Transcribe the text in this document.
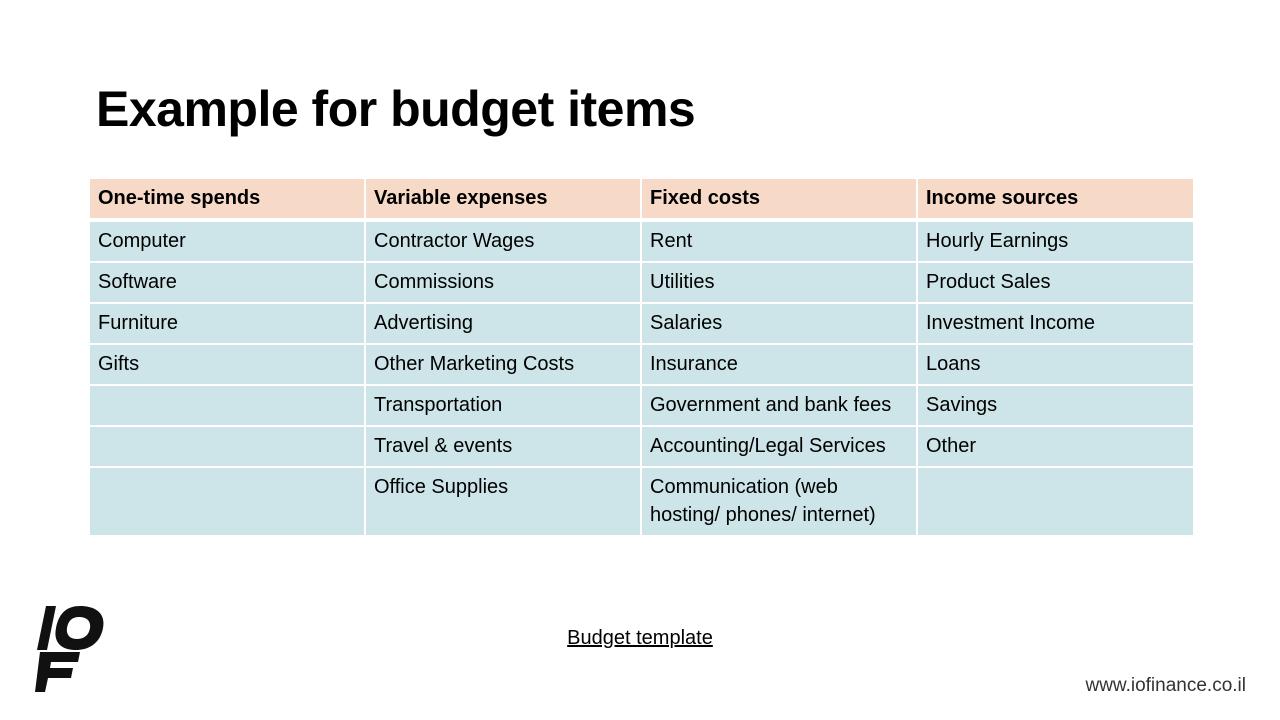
Example for budget items
One-time spends	Variable expenses	Fixed costs	Income sources
Computer	Contractor Wages	Rent	Hourly Earnings
Software	Commissions	Utilities	Product Sales
Furniture	Advertising	Salaries	Investment Income
Gifts	Other Marketing Costs	Insurance	Loans
	Transportation	Government and bank fees	Savings
	Travel & events	Accounting/Legal Services	Other
	Office Supplies	Communication (web hosting/ phones/ internet)	
Budget template
www.iofinance.co.il
